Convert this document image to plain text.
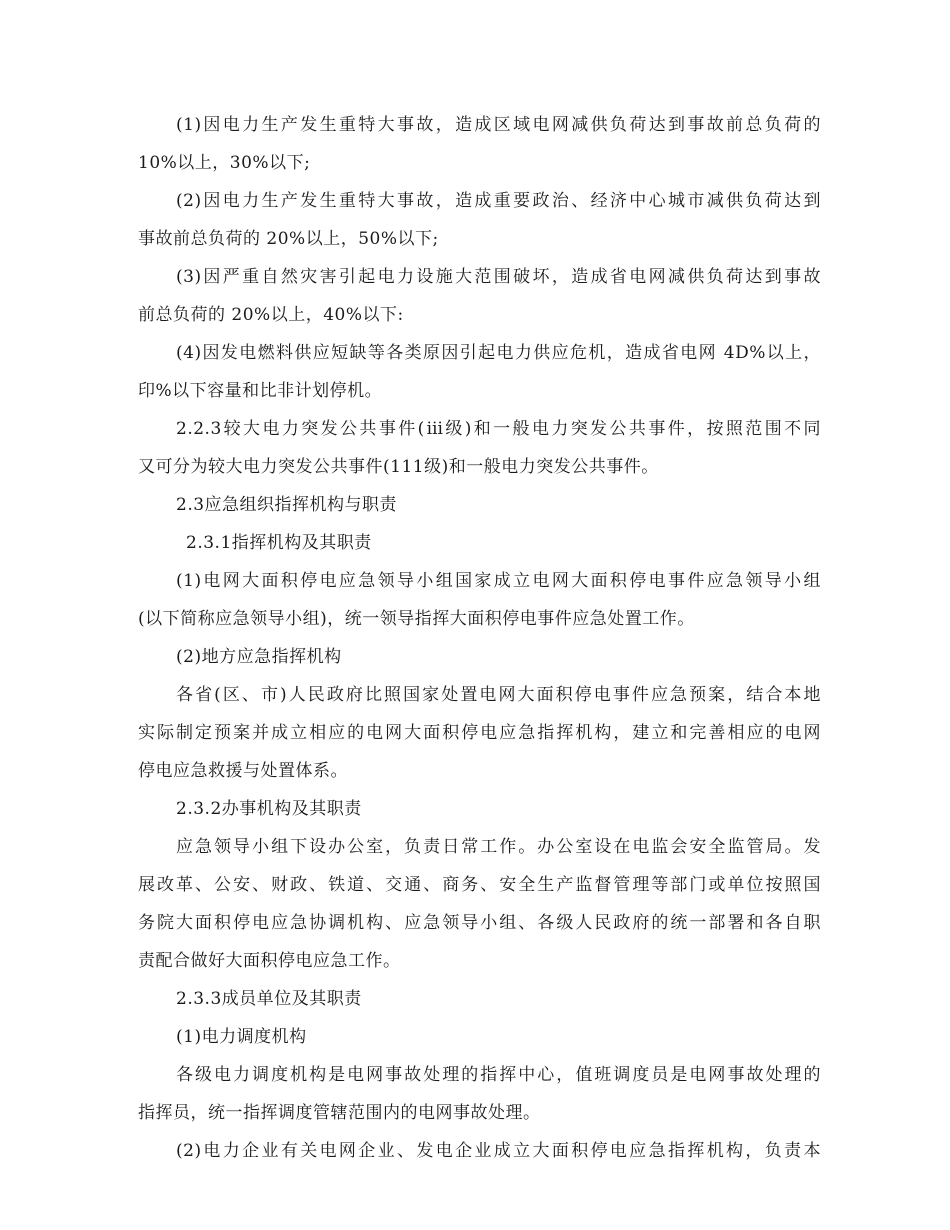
(1)因电力生产发生重特大事故，造成区域电网减供负荷达到事故前总负荷的
10%以上，30%以下;
(2)因电力生产发生重特大事故，造成重要政治、经济中心城市减供负荷达到
事故前总负荷的 20%以上，50%以下;
(3)因严重自然灾害引起电力设施大范围破坏，造成省电网减供负荷达到事故
前总负荷的 20%以上，40%以下:
(4)因发电燃料供应短缺等各类原因引起电力供应危机，造成省电网 4D%以上，
印%以下容量和比非计划停机。
2.2.3较大电力突发公共事件(ⅲ级)和一般电力突发公共事件，按照范围不同
又可分为较大电力突发公共事件(111级)和一般电力突发公共事件。
2.3应急组织指挥机构与职责
2.3.1指挥机构及其职责
(1)电网大面积停电应急领导小组国家成立电网大面积停电事件应急领导小组
(以下简称应急领导小组)，统一领导指挥大面积停电事件应急处置工作。
(2)地方应急指挥机构
各省(区、市)人民政府比照国家处置电网大面积停电事件应急预案，结合本地
实际制定预案并成立相应的电网大面积停电应急指挥机构，建立和完善相应的电网
停电应急救援与处置体系。
2.3.2办事机构及其职责
应急领导小组下设办公室，负责日常工作。办公室设在电监会安全监管局。发
展改革、公安、财政、铁道、交通、商务、安全生产监督管理等部门或单位按照国
务院大面积停电应急协调机构、应急领导小组、各级人民政府的统一部署和各自职
责配合做好大面积停电应急工作。
2.3.3成员单位及其职责
(1)电力调度机构
各级电力调度机构是电网事故处理的指挥中心，值班调度员是电网事故处理的
指挥员，统一指挥调度管辖范围内的电网事故处理。
(2)电力企业有关电网企业、发电企业成立大面积停电应急指挥机构，负责本
